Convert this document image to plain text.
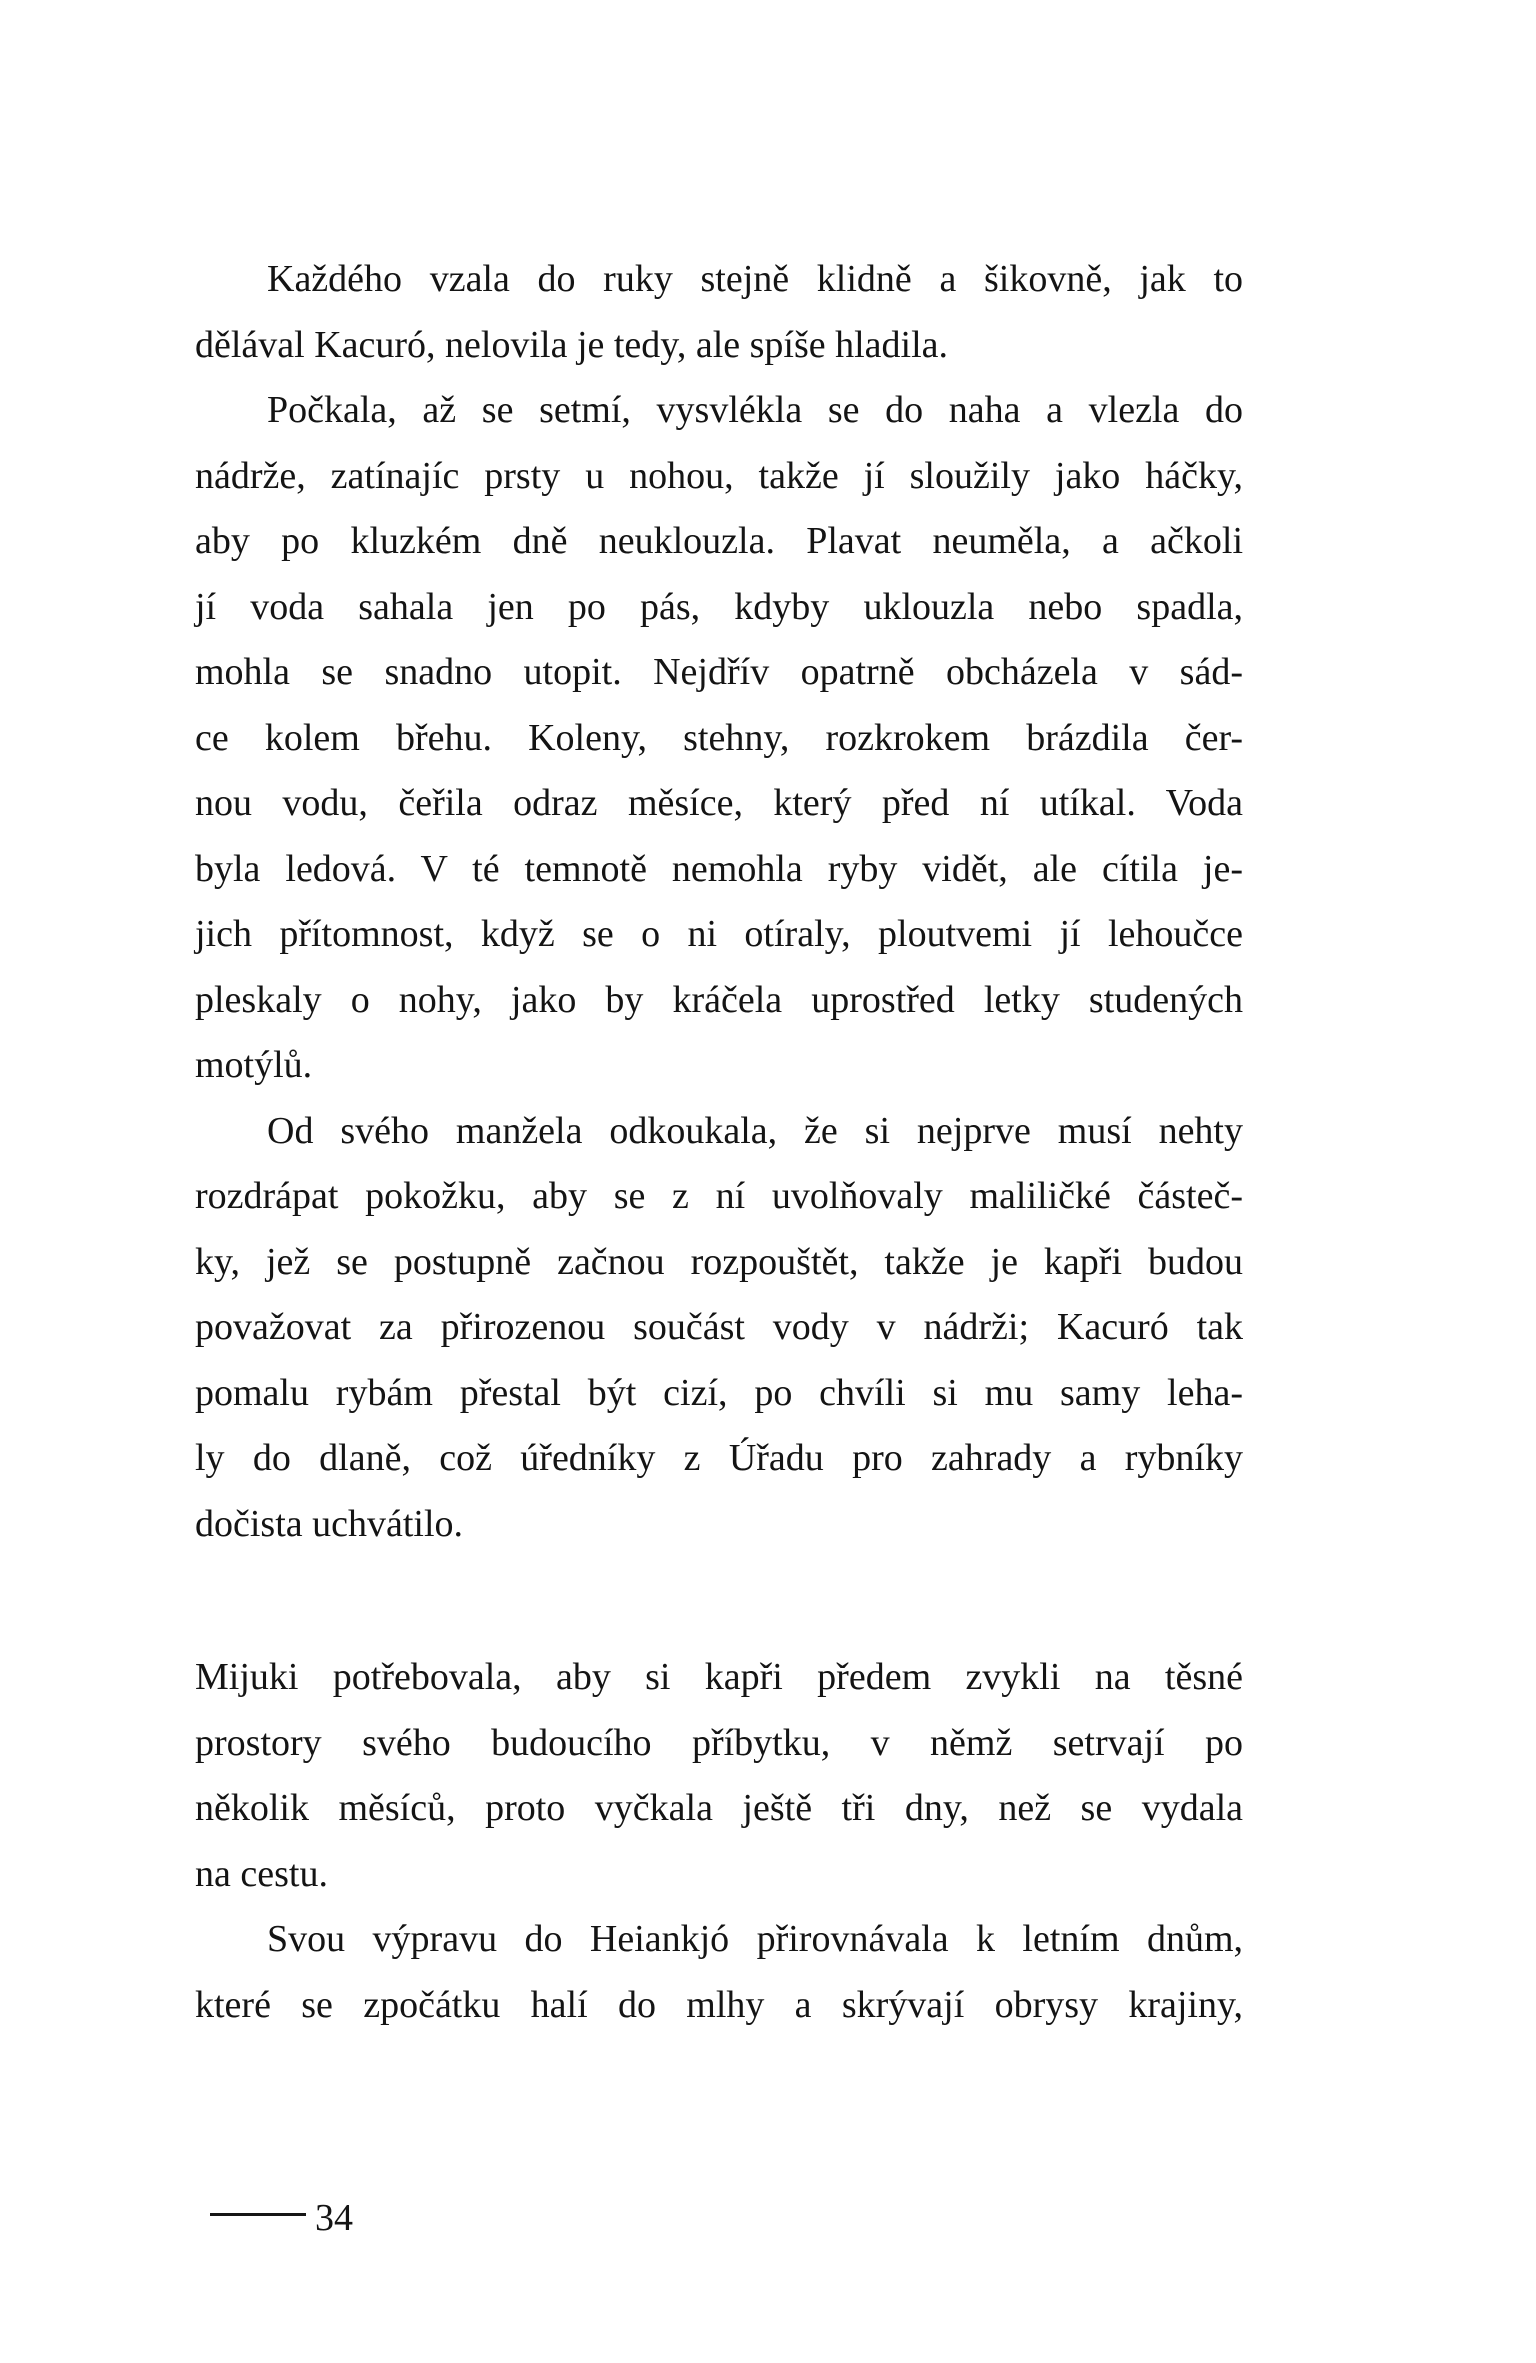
Každého vzala do ruky stejně klidně a šikovně, jak to
dělával Kacuró, nelovila je tedy, ale spíše hladila.
Počkala, až se setmí, vysvlékla se do naha a vlezla do
nádrže, zatínajíc prsty u nohou, takže jí sloužily jako háčky,
aby po kluzkém dně neuklouzla. Plavat neuměla, a ačkoli
jí voda sahala jen po pás, kdyby uklouzla nebo spadla,
mohla se snadno utopit. Nejdřív opatrně obcházela v sád-
ce kolem břehu. Koleny, stehny, rozkrokem brázdila čer-
nou vodu, čeřila odraz měsíce, který před ní utíkal. Voda
byla ledová. V té temnotě nemohla ryby vidět, ale cítila je-
jich přítomnost, když se o ni otíraly, ploutvemi jí lehoučce
pleskaly o nohy, jako by kráčela uprostřed letky studených
motýlů.
Od svého manžela odkoukala, že si nejprve musí nehty
rozdrápat pokožku, aby se z ní uvolňovaly maliličké částeč-
ky, jež se postupně začnou rozpouštět, takže je kapři budou
považovat za přirozenou součást vody v nádrži; Kacuró tak
pomalu rybám přestal být cizí, po chvíli si mu samy leha-
ly do dlaně, což úředníky z Úřadu pro zahrady a rybníky
dočista uchvátilo.
Mijuki potřebovala, aby si kapři předem zvykli na těsné
prostory svého budoucího příbytku, v němž setrvají po
několik měsíců, proto vyčkala ještě tři dny, než se vydala
na cestu.
Svou výpravu do Heiankjó přirovnávala k letním dnům,
které se zpočátku halí do mlhy a skrývají obrysy krajiny,
34
